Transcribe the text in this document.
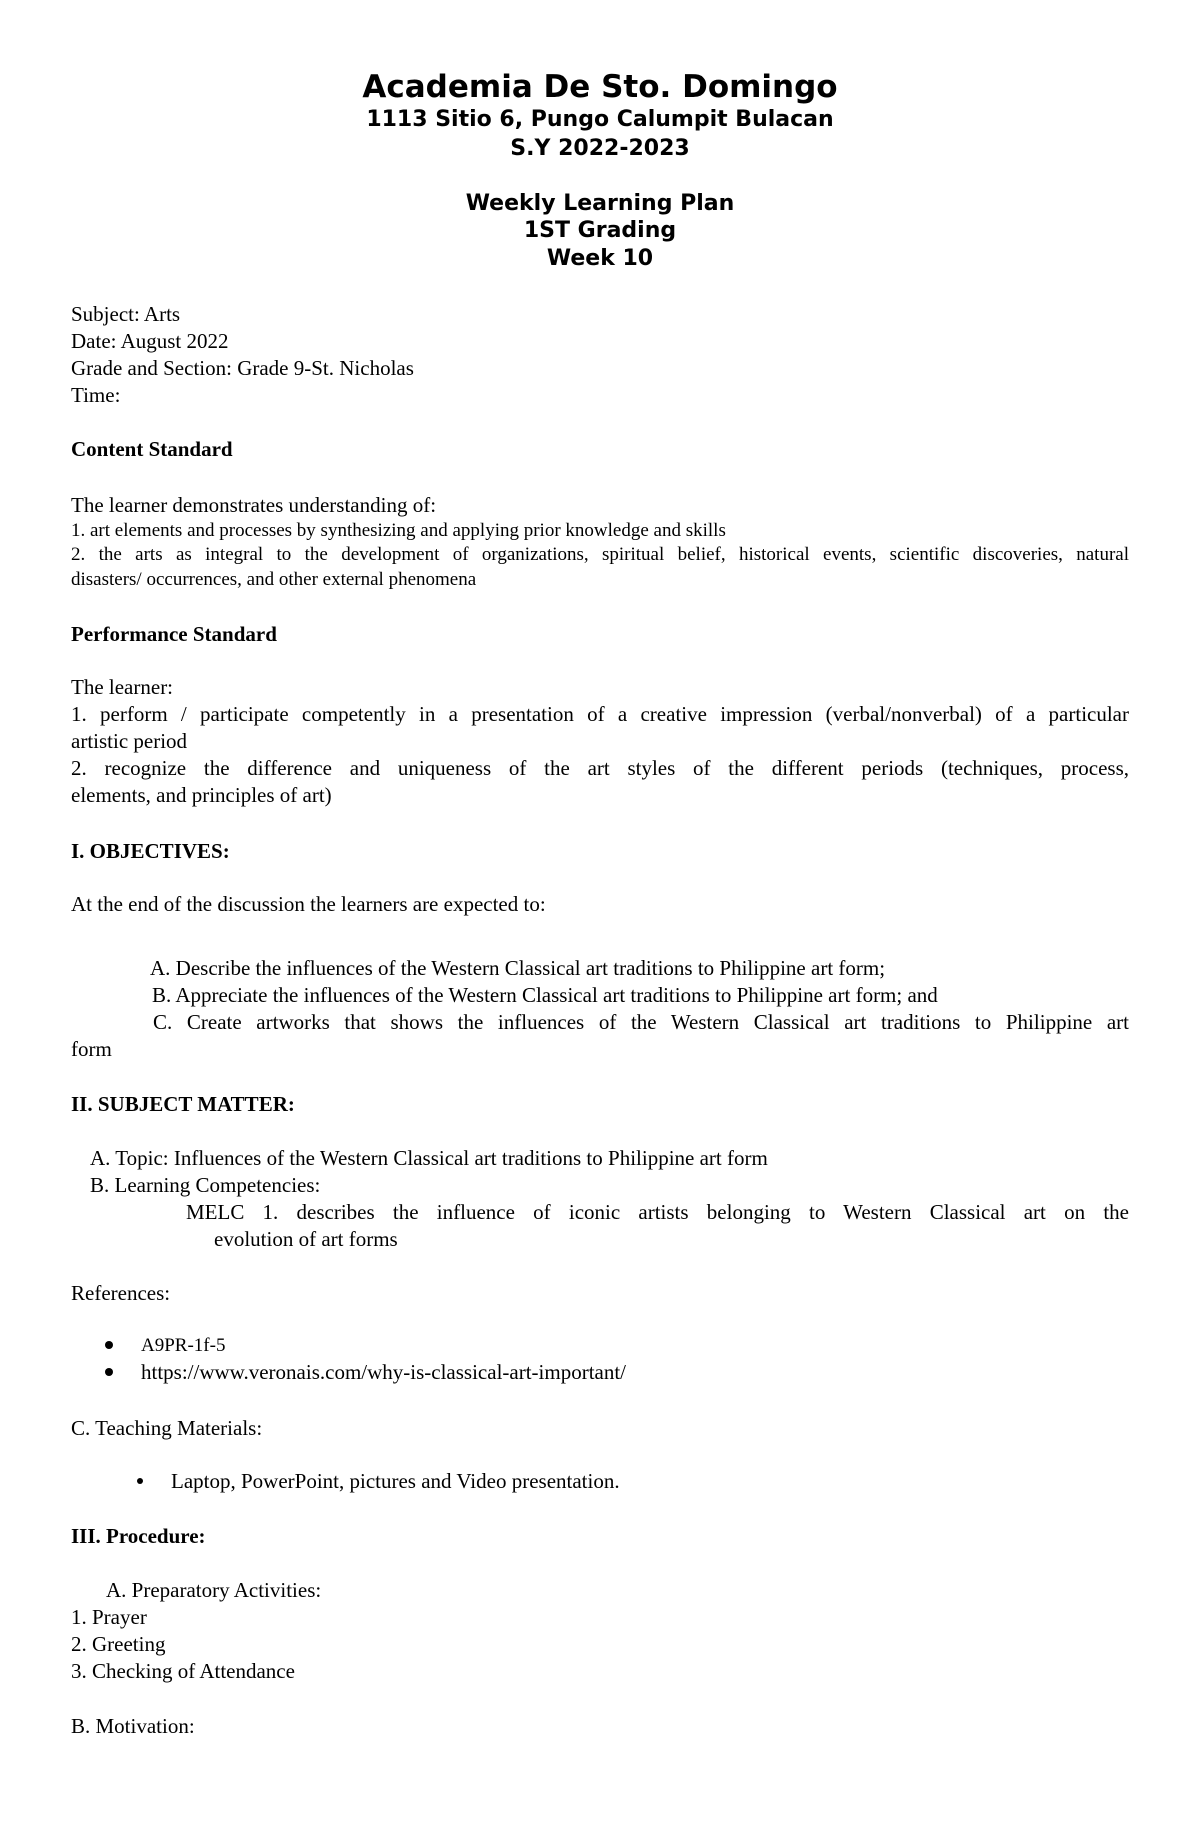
Academia De Sto. Domingo
1113 Sitio 6, Pungo Calumpit Bulacan
S.Y 2022-2023
Weekly Learning Plan
1ST Grading
Week 10
Subject: Arts
Date: August 2022
Grade and Section: Grade 9-St. Nicholas
Time:
Content Standard
The learner demonstrates understanding of:
1. art elements and processes by synthesizing and applying prior knowledge and skills
2. the arts as integral to the development of organizations, spiritual belief, historical events, scientific discoveries, natural
disasters/ occurrences, and other external phenomena
Performance Standard
The learner:
1. perform / participate competently in a presentation of a creative impression (verbal/nonverbal) of a particular
artistic period
2. recognize the difference and uniqueness of the art styles of the different periods (techniques, process,
elements, and principles of art)
I. OBJECTIVES:
At the end of the discussion the learners are expected to:
A. Describe the influences of the Western Classical art traditions to Philippine art form;
B. Appreciate the influences of the Western Classical art traditions to Philippine art form; and
C. Create artworks that shows the influences of the Western Classical art traditions to Philippine art
form
II. SUBJECT MATTER:
A. Topic: Influences of the Western Classical art traditions to Philippine art form
B. Learning Competencies:
MELC 1. describes the influence of iconic artists belonging to Western Classical art on the
evolution of art forms
References:
A9PR-1f-5
https://www.veronais.com/why-is-classical-art-important/
C. Teaching Materials:
Laptop, PowerPoint, pictures and Video presentation.
III. Procedure:
A. Preparatory Activities:
1. Prayer
2. Greeting
3. Checking of Attendance
B. Motivation:
